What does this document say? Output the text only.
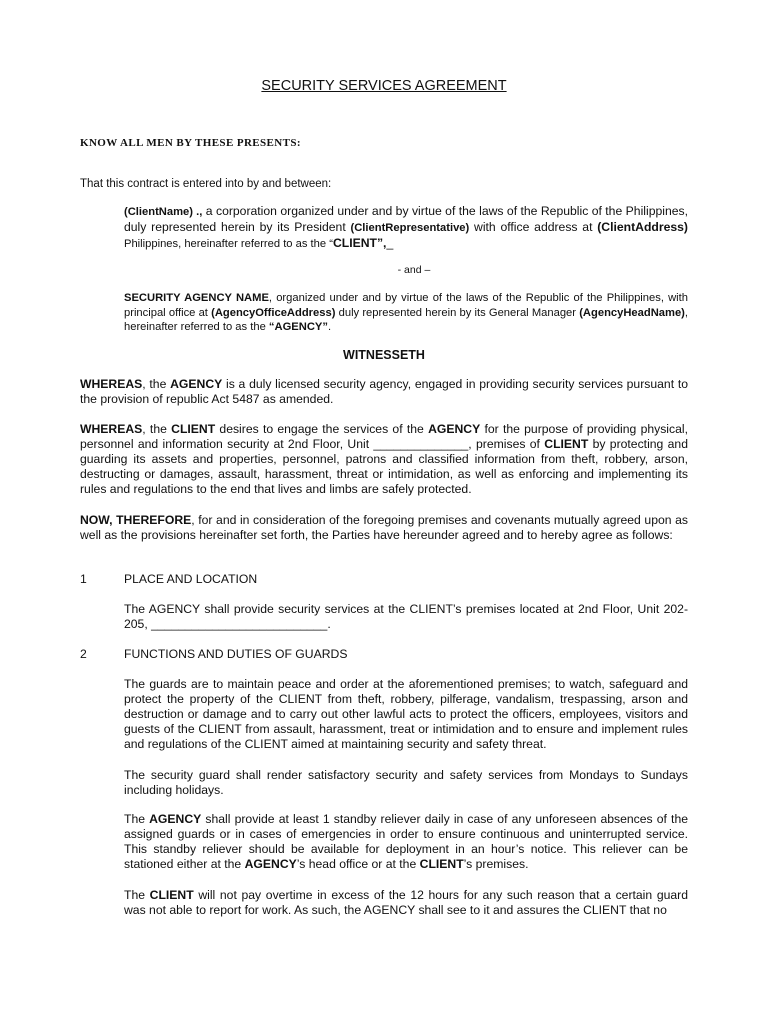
SECURITY SERVICES AGREEMENT
KNOW ALL MEN BY THESE PRESENTS:
That this contract is entered into by and between:
(ClientName) ., a corporation organized under and by virtue of the laws of the Republic of the Philippines, duly represented herein by its President (ClientRepresentative) with office address at (ClientAddress) Philippines, hereinafter referred to as the “CLIENT”,_
- and –
SECURITY AGENCY NAME, organized under and by virtue of the laws of the Republic of the Philippines, with principal office at (AgencyOfficeAddress) duly represented herein by its General Manager (AgencyHeadName), hereinafter referred to as the “AGENCY”.
WITNESSETH
WHEREAS, the AGENCY is a duly licensed security agency, engaged in providing security services pursuant to the provision of republic Act 5487 as amended.
WHEREAS, the CLIENT desires to engage the services of the AGENCY for the purpose of providing physical, personnel and information security at 2nd Floor, Unit ______________, premises of CLIENT by protecting and guarding its assets and properties, personnel, patrons and classified information from theft, robbery, arson, destructing or damages, assault, harassment, threat or intimidation, as well as enforcing and implementing its rules and regulations to the end that lives and limbs are safely protected.
NOW, THEREFORE, for and in consideration of the foregoing premises and covenants mutually agreed upon as well as the provisions hereinafter set forth, the Parties have hereunder agreed and to hereby agree as follows:
1	PLACE AND LOCATION
The AGENCY shall provide security services at the CLIENT’s premises located at 2nd Floor, Unit 202-205, __________________________.
2	FUNCTIONS AND DUTIES OF GUARDS
The guards are to maintain peace and order at the aforementioned premises; to watch, safeguard and protect the property of the CLIENT from theft, robbery, pilferage, vandalism, trespassing, arson and destruction or damage and to carry out other lawful acts to protect the officers, employees, visitors and guests of the CLIENT from assault, harassment, treat or intimidation and to ensure and implement rules and regulations of the CLIENT aimed at maintaining security and safety threat.
The security guard shall render satisfactory security and safety services from Mondays to Sundays including holidays.
The AGENCY shall provide at least 1 standby reliever daily in case of any unforeseen absences of the assigned guards or in cases of emergencies in order to ensure continuous and uninterrupted service. This standby reliever should be available for deployment in an hour’s notice. This reliever can be stationed either at the AGENCY’s head office or at the CLIENT’s premises.
The CLIENT will not pay overtime in excess of the 12 hours for any such reason that a certain guard was not able to report for work. As such, the AGENCY shall see to it and assures the CLIENT that no
